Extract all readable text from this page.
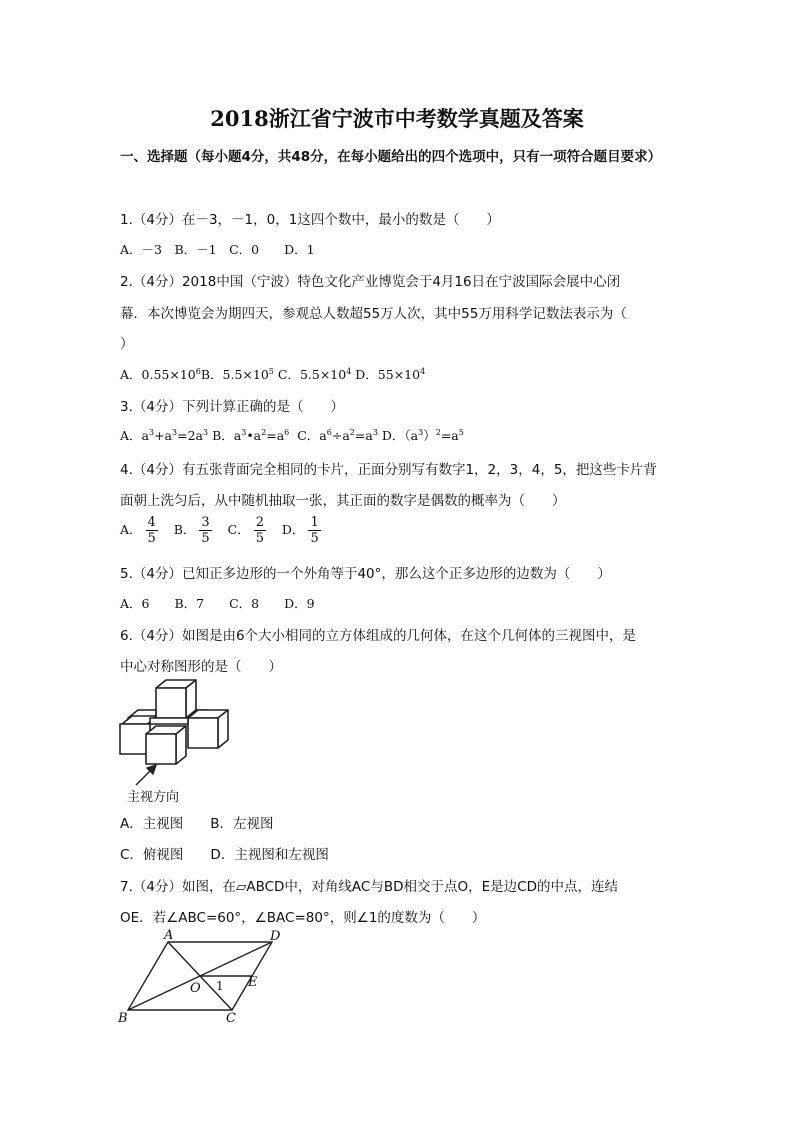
2018浙江省宁波市中考数学真题及答案
一、选择题（每小题4分，共48分，在每小题给出的四个选项中，只有一项符合题目要求）
1.（4分）在－3，－1，0，1这四个数中，最小的数是（　　）
A．－3　B．－1　C．0　　D．1
2.（4分）2018中国（宁波）特色文化产业博览会于4月16日在宁波国际会展中心闭
幕．本次博览会为期四天，参观总人数超55万人次，其中55万用科学记数法表示为（
）
A．$0.55\times 10^6B$．$5.5\times 10^5$ C．$5.5\times 10^4$ D．$55\times 10^4$
3.（4分）下列计算正确的是（　　）
A．$a^3+a^3=2a^3$ B．$a^3•a^2=a^6$ C．$a^6\div a^2=a^3$ D．$(a^3)^2=a^5$
4.（4分）有五张背面完全相同的卡片，正面分别写有数字1，2，3，4，5，把这些卡片背
面朝上洗匀后，从中随机抽取一张，其正面的数字是偶数的概率为（　　）
A． $\frac{4}{5}$ B． $\frac{3}{5}$ C． $\frac{2}{5}$ D． $\frac{1}{5}$
5.（4分）已知正多边形的一个外角等于40°，那么这个正多边形的边数为（　　）
A．6　　B．7　　C．8　　D．9
6.（4分）如图是由6个大小相同的立方体组成的几何体，在这个几何体的三视图中，是
中心对称图形的是（　　）
主视方向
A．主视图　　B．左视图
C．俯视图　　D．主视图和左视图
7.（4分）如图，在▱ABCD中，对角线AC与BD相交于点O，E是边CD的中点，连结
OE．若∠ABC=60°，∠BAC=80°，则∠1的度数为（　　）
A	D
B	C
O	E
1
